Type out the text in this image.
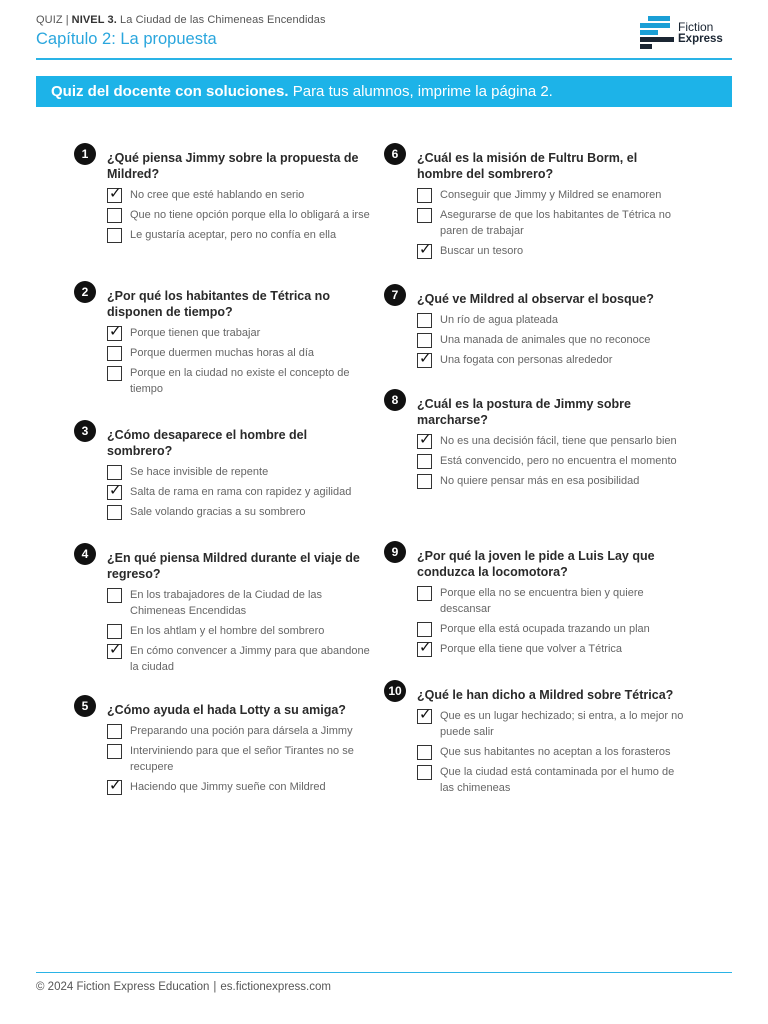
QUIZ | NIVEL 3. La Ciudad de las Chimeneas Encendidas
Capítulo 2: La propuesta
Fiction
Express
Quiz del docente con soluciones. Para tus alumnos, imprime la página 2.
1	¿Qué piensa Jimmy sobre la propuesta de Mildred?
✓ No cree que esté hablando en serio
Que no tiene opción porque ella lo obligará a irse
Le gustaría aceptar, pero no confía en ella
2	¿Por qué los habitantes de Tétrica no disponen de tiempo?
✓ Porque tienen que trabajar
Porque duermen muchas horas al día
Porque en la ciudad no existe el concepto de tiempo
3	¿Cómo desaparece el hombre del sombrero?
Se hace invisible de repente
✓ Salta de rama en rama con rapidez y agilidad
Sale volando gracias a su sombrero
4	¿En qué piensa Mildred durante el viaje de regreso?
En los trabajadores de la Ciudad de las Chimeneas Encendidas
En los ahtlam y el hombre del sombrero
✓ En cómo convencer a Jimmy para que abandone la ciudad
5	¿Cómo ayuda el hada Lotty a su amiga?
Preparando una poción para dársela a Jimmy
Interviniendo para que el señor Tirantes no se recupere
✓ Haciendo que Jimmy sueñe con Mildred
6	¿Cuál es la misión de Fultru Borm, el hombre del sombrero?
Conseguir que Jimmy y Mildred se enamoren
Asegurarse de que los habitantes de Tétrica no paren de trabajar
✓ Buscar un tesoro
7	¿Qué ve Mildred al observar el bosque?
Un río de agua plateada
Una manada de animales que no reconoce
✓ Una fogata con personas alrededor
8	¿Cuál es la postura de Jimmy sobre marcharse?
✓ No es una decisión fácil, tiene que pensarlo bien
Está convencido, pero no encuentra el momento
No quiere pensar más en esa posibilidad
9	¿Por qué la joven le pide a Luis Lay que conduzca la locomotora?
Porque ella no se encuentra bien y quiere descansar
Porque ella está ocupada trazando un plan
✓ Porque ella tiene que volver a Tétrica
10	¿Qué le han dicho a Mildred sobre Tétrica?
✓ Que es un lugar hechizado; si entra, a lo mejor no puede salir
Que sus habitantes no aceptan a los forasteros
Que la ciudad está contaminada por el humo de las chimeneas
© 2024 Fiction Express Education | es.fictionexpress.com
